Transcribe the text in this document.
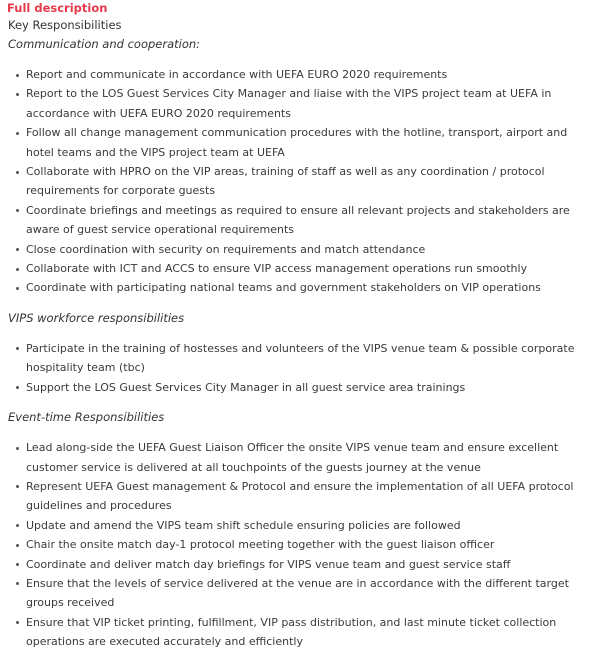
Full description
Key Responsibilities
Communication and cooperation:
Report and communicate in accordance with UEFA EURO 2020 requirements
Report to the LOS Guest Services City Manager and liaise with the VIPS project team at UEFA in accordance with UEFA EURO 2020 requirements
Follow all change management communication procedures with the hotline, transport, airport and hotel teams and the VIPS project team at UEFA
Collaborate with HPRO on the VIP areas, training of staff as well as any coordination / protocol requirements for corporate guests
Coordinate briefings and meetings as required to ensure all relevant projects and stakeholders are aware of guest service operational requirements
Close coordination with security on requirements and match attendance
Collaborate with ICT and ACCS to ensure VIP access management operations run smoothly
Coordinate with participating national teams and government stakeholders on VIP operations
VIPS workforce responsibilities
Participate in the training of hostesses and volunteers of the VIPS venue team & possible corporate hospitality team (tbc)
Support the LOS Guest Services City Manager in all guest service area trainings
Event-time Responsibilities
Lead along-side the UEFA Guest Liaison Officer the onsite VIPS venue team and ensure excellent customer service is delivered at all touchpoints of the guests journey at the venue
Represent UEFA Guest management & Protocol and ensure the implementation of all UEFA protocol guidelines and procedures
Update and amend the VIPS team shift schedule ensuring policies are followed
Chair the onsite match day-1 protocol meeting together with the guest liaison officer
Coordinate and deliver match day briefings for VIPS venue team and guest service staff
Ensure that the levels of service delivered at the venue are in accordance with the different target groups received
Ensure that VIP ticket printing, fulfillment, VIP pass distribution, and last minute ticket collection operations are executed accurately and efficiently
